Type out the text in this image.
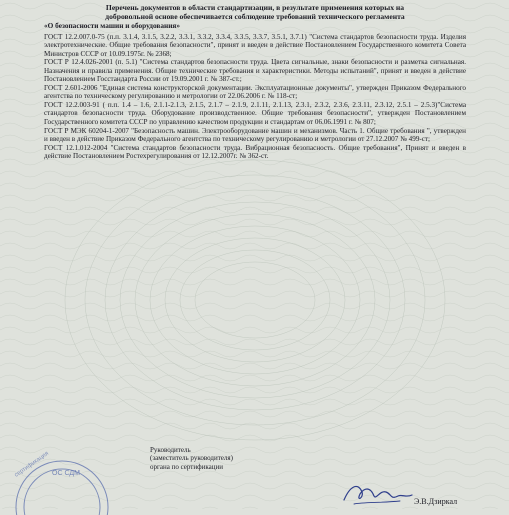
Перечень документов в области стандартизации, в результате применения которых на
добровольной основе обеспечивается соблюдение требований технического регламента
«О безопасности машин и оборудования»

ГОСТ 12.2.007.0-75 (п.п. 3.1.4, 3.1.5, 3.2.2, 3.3.1, 3.3.2, 3.3.4, 3.3.5, 3.3.7, 3.5.1, 3.7.1) "Система стандартов безопасности труда. Изделия электротехнические. Общие требования безопасности", принят и введен в действие Постановлением Государственного комитета Совета Министров СССР от 10.09.1975г. № 2368;

ГОСТ Р 12.4.026-2001 (п. 5.1) "Система стандартов безопасности труда. Цвета сигнальные, знаки безопасности и разметка сигнальная. Назначения и правила применения. Общие технические требования и характеристики. Методы испытаний", принят и введен в действие Постановлением Госстандарта России от 19.09.2001 г. № 387-ст.;

ГОСТ 2.601-2006 "Единая система конструкторской документации. Эксплуатационные документы", утвержден Приказом Федерального агентства по техническому регулированию и метрологии от 22.06.2006 г. № 118-ст;

ГОСТ 12.2.003-91 ( п.п. 1.4 – 1.6, 2.1.1-2.1.3, 2.1.5, 2.1.7 – 2.1.9, 2.1.11, 2.1.13, 2.3.1, 2.3.2, 2.3.6, 2.3.11, 2.3.12, 2.5.1 – 2.5.3)"Система стандартов безопасности труда. Оборудование производственное. Общие требования безопасности", утвержден Постановлением Государственного комитета СССР по управлению качеством продукции и стандартам от 06.06.1991 г. № 807;

ГОСТ Р МЭК 60204-1-2007 "Безопасность машин. Электрооборудование машин и механизмов. Часть 1. Общие требования ", утвержден и введен в действие Приказом Федерального агентства по техническому регулированию и метрологии от 27.12.2007 № 499-ст;

ГОСТ 12.1.012-2004 "Система стандартов безопасности труда. Вибрационная безопасность. Общие требования", Принят и введен в действие Постановлением Ростехрегулирования от 12.12.2007г. № 362-ст.

Руководитель
(заместитель руководителя)
органа по сертификации
ОС СДМ
сертификация
Э.В.Дзиркал
